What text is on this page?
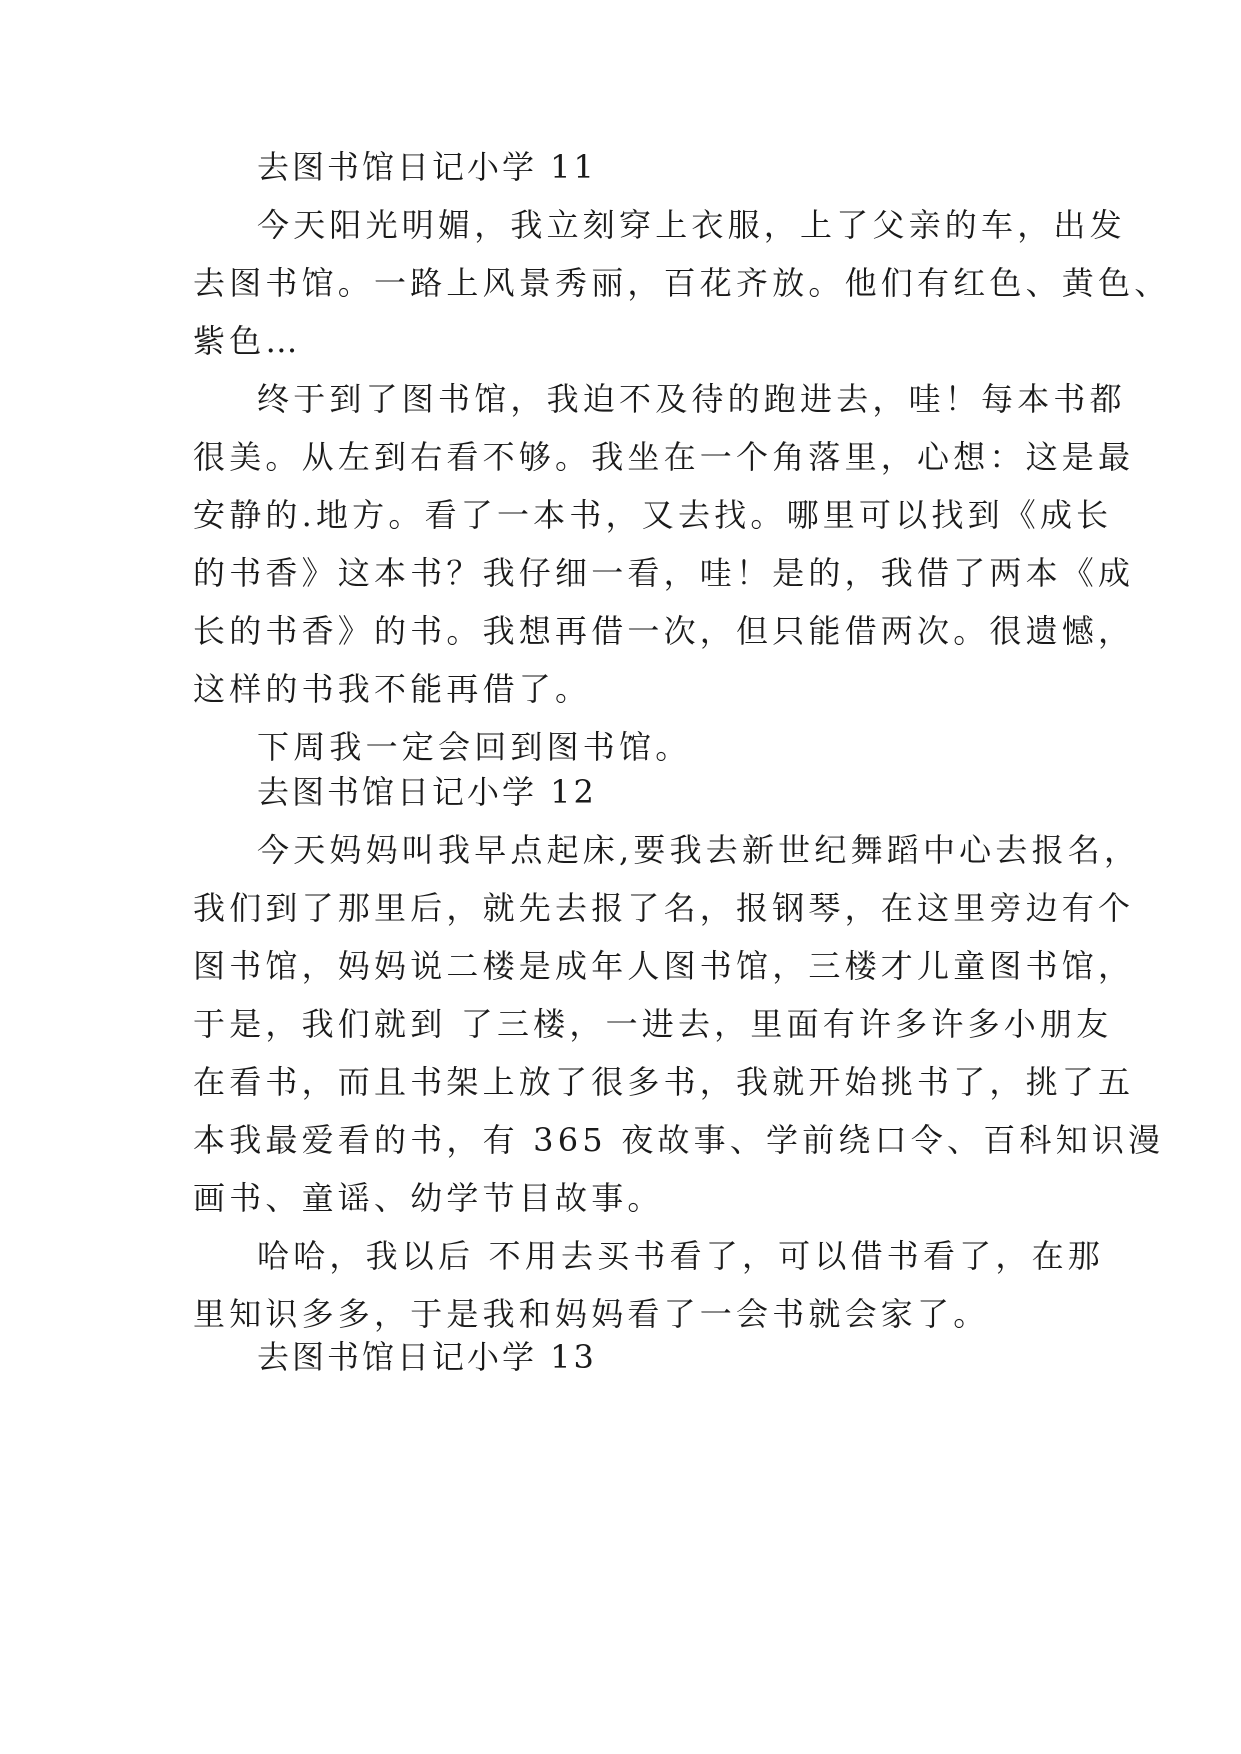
去图书馆日记小学 11
今天阳光明媚，我立刻穿上衣服，上了父亲的车，出发
去图书馆。一路上风景秀丽，百花齐放。他们有红色、黄色、
紫色…
终于到了图书馆，我迫不及待的跑进去，哇！每本书都
很美。从左到右看不够。我坐在一个角落里，心想：这是最
安静的.地方。看了一本书，又去找。哪里可以找到《成长
的书香》这本书？我仔细一看，哇！是的，我借了两本《成
长的书香》的书。我想再借一次，但只能借两次。很遗憾，
这样的书我不能再借了。
下周我一定会回到图书馆。
去图书馆日记小学 12
今天妈妈叫我早点起床,要我去新世纪舞蹈中心去报名，
我们到了那里后，就先去报了名，报钢琴，在这里旁边有个
图书馆，妈妈说二楼是成年人图书馆，三楼才儿童图书馆，
于是，我们就到 了三楼，一进去，里面有许多许多小朋友
在看书，而且书架上放了很多书，我就开始挑书了，挑了五
本我最爱看的书，有 365 夜故事、学前绕口令、百科知识漫
画书、童谣、幼学节目故事。
哈哈，我以后 不用去买书看了，可以借书看了，在那
里知识多多，于是我和妈妈看了一会书就会家了。
去图书馆日记小学 13
